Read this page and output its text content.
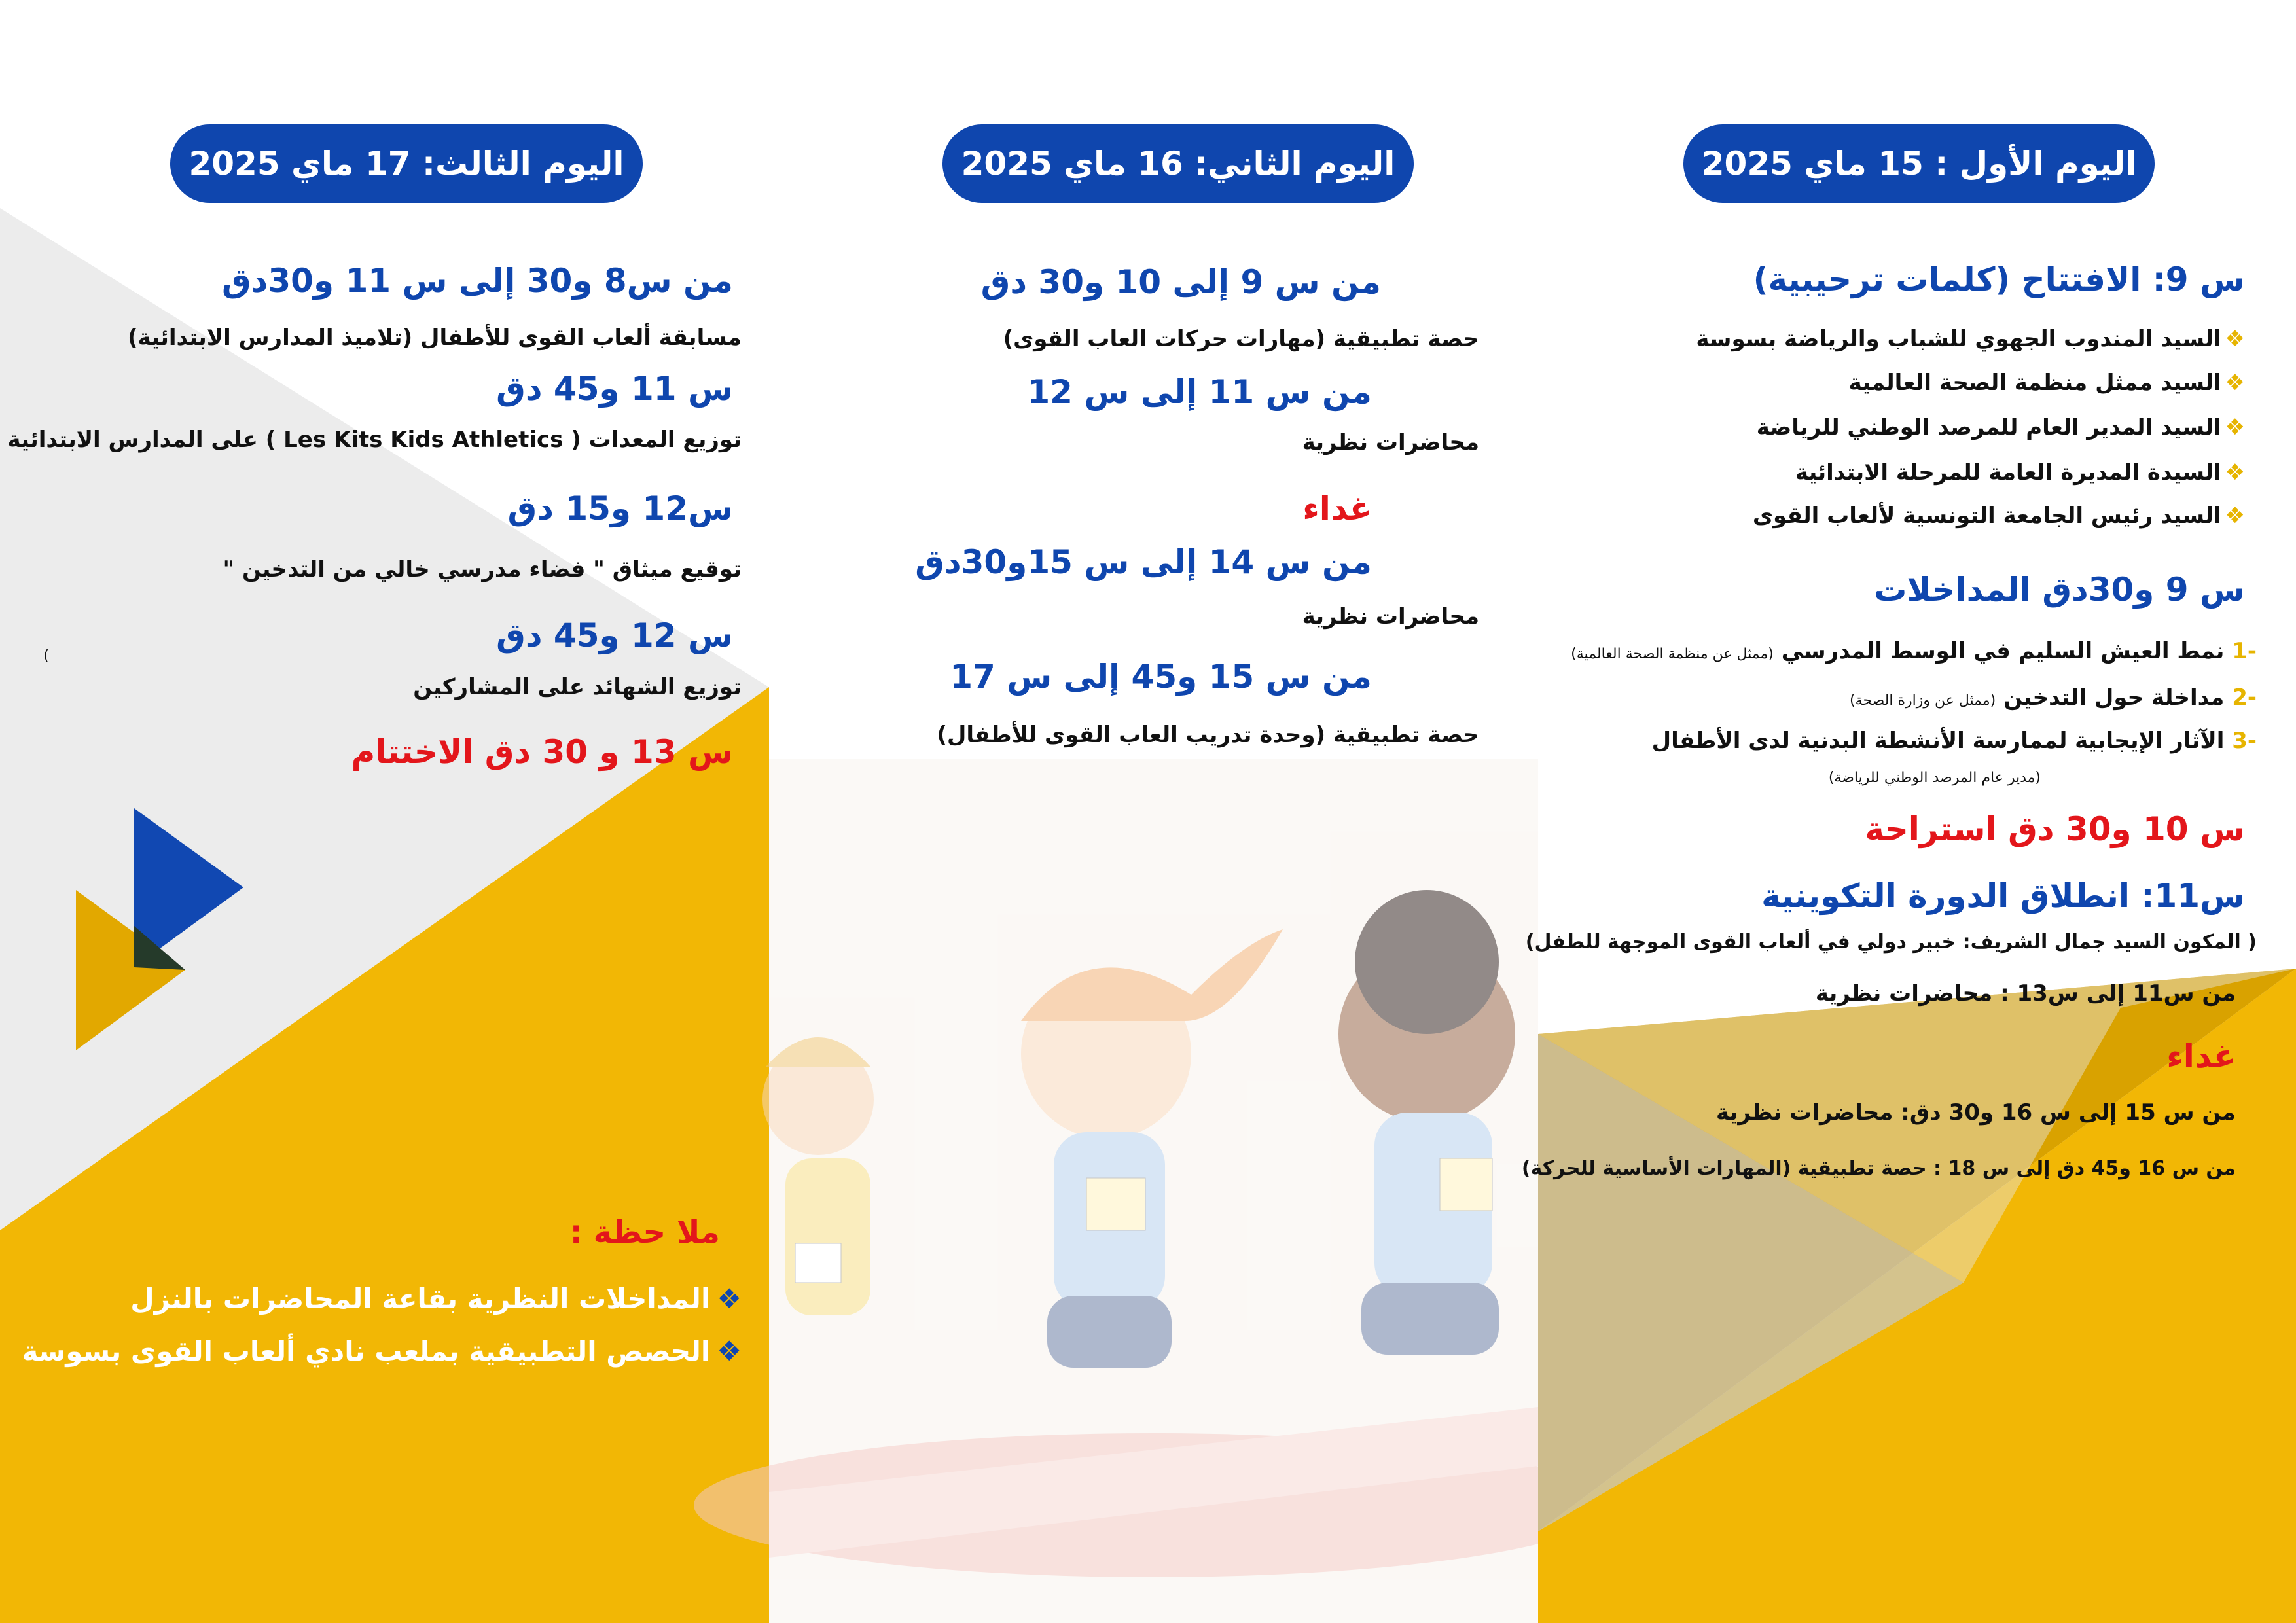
اليوم الأول : 15 ماي 2025
س 9: الافتتاح (كلمات ترحيبية)
❖السيد المندوب الجهوي للشباب والرياضة بسوسة
❖السيد ممثل منظمة الصحة العالمية
❖السيد المدير العام للمرصد الوطني للرياضة
❖السيدة المديرة العامة للمرحلة الابتدائية
❖السيد رئيس الجامعة التونسية لألعاب القوى
س 9 و30دق المداخلات
-1 نمط العيش السليم في الوسط المدرسي (ممثل عن منظمة الصحة العالمية)
-2 مداخلة حول التدخين (ممثل عن وزارة الصحة)
-3 الآثار الإيجابية لممارسة الأنشطة البدنية لدى الأطفال
(مدير عام المرصد الوطني للرياضة)
س 10 و30 دق استراحة
س11: انطلاق الدورة التكوينية
( المكون السيد جمال الشريف: خبير دولي في ألعاب القوى الموجهة للطفل)
من س11 إلى س13 : محاضرات نظرية
غداء
من س 15 إلى س 16 و30 دق: محاضرات نظرية
من س 16 و45 دق إلى س 18 : حصة تطبيقية (المهارات الأساسية للحركة)
اليوم الثاني: 16 ماي 2025
من س 9 إلى 10 و30 دق
حصة تطبيقية (مهارات حركات العاب القوى)
من س 11 إلى س 12
محاضرات نظرية
غداء
من س 14 إلى س 15و30دق
محاضرات نظرية
من س 15 و45 إلى س 17
حصة تطبيقية (وحدة تدريب العاب القوى للأطفال)
اليوم الثالث: 17 ماي 2025
من س8 و30 إلى س 11 و30دق
مسابقة ألعاب القوى للأطفال (تلاميذ المدارس الابتدائية)
س 11 و45 دق
توزيع المعدات ( Les Kits Kids Athletics ) على المدارس الابتدائية
س12 و15 دق
توقيع ميثاق " فضاء مدرسي خالي من التدخين "
)
س 12 و45 دق
توزيع الشهائد على المشاركين
س 13 و 30 دق الاختتام
ملا حظة :
❖المداخلات النظرية بقاعة المحاضرات بالنزل
❖الحصص التطبيقية بملعب نادي ألعاب القوى بسوسة
